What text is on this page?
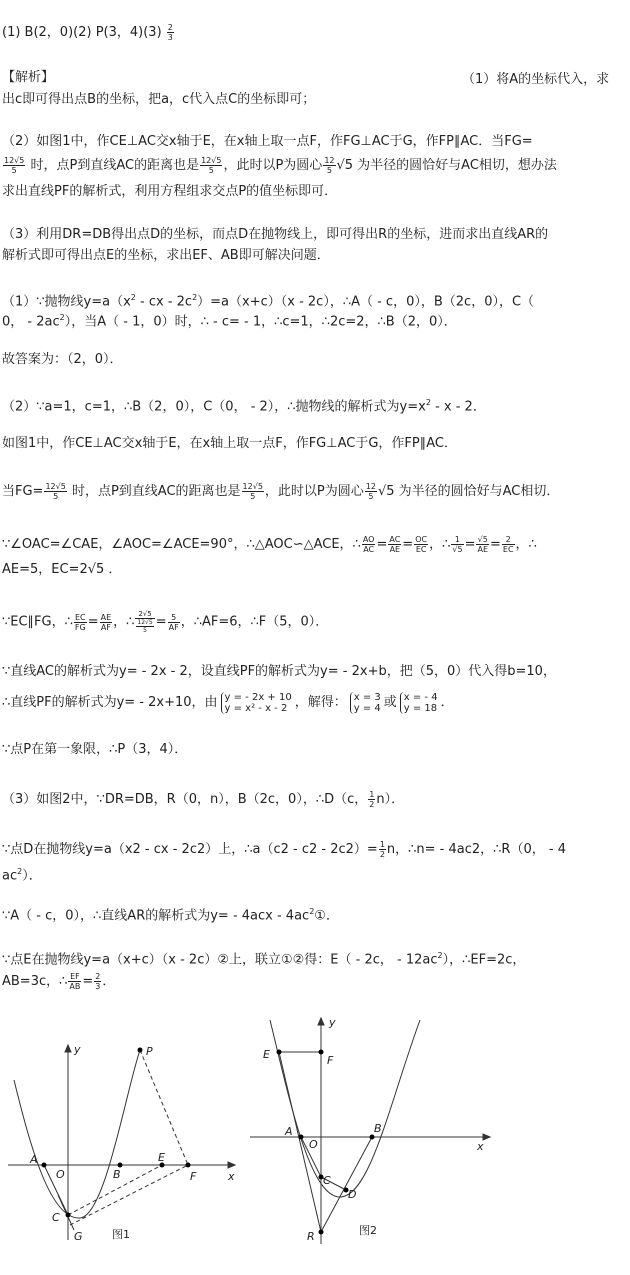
(1) B(2，0)(2) P(3，$4)(3) \frac{2}{3}$
【解析】	（1）将A的坐标代入，求
出c即可得出点B的坐标，把a，c代入点C的坐标即可；
（2）如图1中，作CE⊥AC交x轴于E，在x轴上取一点F，作FG⊥AC于G，作FP∥AC．当FG=
$\frac{12√5}{5}$ 时，点P到直线AC的距离也是 $\frac{12√5}{5}$ ，此时以P为圆心 $\frac{12}{5} √5$ 为半径的圆恰好与AC相切，想办法
求出直线PF的解析式，利用方程组求交点P的值坐标即可．
（3）利用DR=DB得出点D的坐标，而点D在抛物线上，即可得出R的坐标，进而求出直线AR的
解析式即可得出点E的坐标，求出EF、AB即可解决问题．
（1）∵抛物线$y=a(x^2$ - cx - $2c^2)=a(x+c)(x - 2c)$，∴A（ - c，0），B（2c，0），C（
0， - $2ac^2$），当A（ - 1，0）时，∴ - c= - 1，∴c=1，∴2c=2，∴B（2，0）．
故答案为：（2，0）．
（2）∵a=1，c=1，∴B（2，0），C（0， - 2），∴抛物线的解析式为$y=x^2 - x - 2$．
如图1中，作CE⊥AC交x轴于E，在x轴上取一点F，作FG⊥AC于G，作FP∥AC．
当$FG= \frac{12√5}{5}$ 时，点P到直线AC的距离也是 $\frac{12√5}{5}$ ，此时以P为圆心 $\frac{12}{5} √5$ 为半径的圆恰好与AC相切．
∵∠OAC=∠CAE，∠AOC=∠ACE=90°，∴△AOC∽△ACE，∴ $\frac{AO}{AC} = \frac{AC}{AE} = \frac{OC}{EC}$ ，∴ $\frac{1}{√5} = \frac{√5}{AE} = \frac{2}{EC}$ ，∴
AE=5，EC=2√5 ．
∵EC∥FG，∴ $\frac{EC}{FG} = \frac{AE}{AF}$ ，∴ $\frac{2√5}{\frac{12√5}{5}} = \frac{5}{AF}$ ，∴AF=6，∴F（5，0）．
∵直线AC的解析式为y= - 2x - 2，设直线PF的解析式为y= - 2x+b，把（5，0）代入得b=10，
∴直线PF的解析式为y= - 2x+10，由 y = - 2x + 10
y = x² - x - 2 ，解得： x = 3
y = 4 或 x = - 4
y = 18 ．
∵点P在第一象限，∴P（3，4）．
（3）如图2中，∵DR=DB，R（0，n），B（2c，0），∴D（c， $\frac{1}{2} n$）．
∵点D在抛物线y=a（x2 - cx - 2c2）上，∴a（c2 - $c2 - 2c2)= \frac{1}{2}$ n，∴n= - 4ac2，∴R（0， - 4
$ac^2$）．
∵A（ - c，0），∴直线AR的解析式为$y= - 4acx - 4ac^2①$．
∵点E在抛物线y=a（x+c）（x - 2c）②上，联立①②得：E（ - 2c， - $12ac^2$），∴EF=2c，
AB=3c，∴ $\frac{EF}{AB} = \frac{2}{3}$ ．
y
x
P
A
O	B
E
F
C
G	图1
y
x
E	F
A
O
B
C
D
R	图2
